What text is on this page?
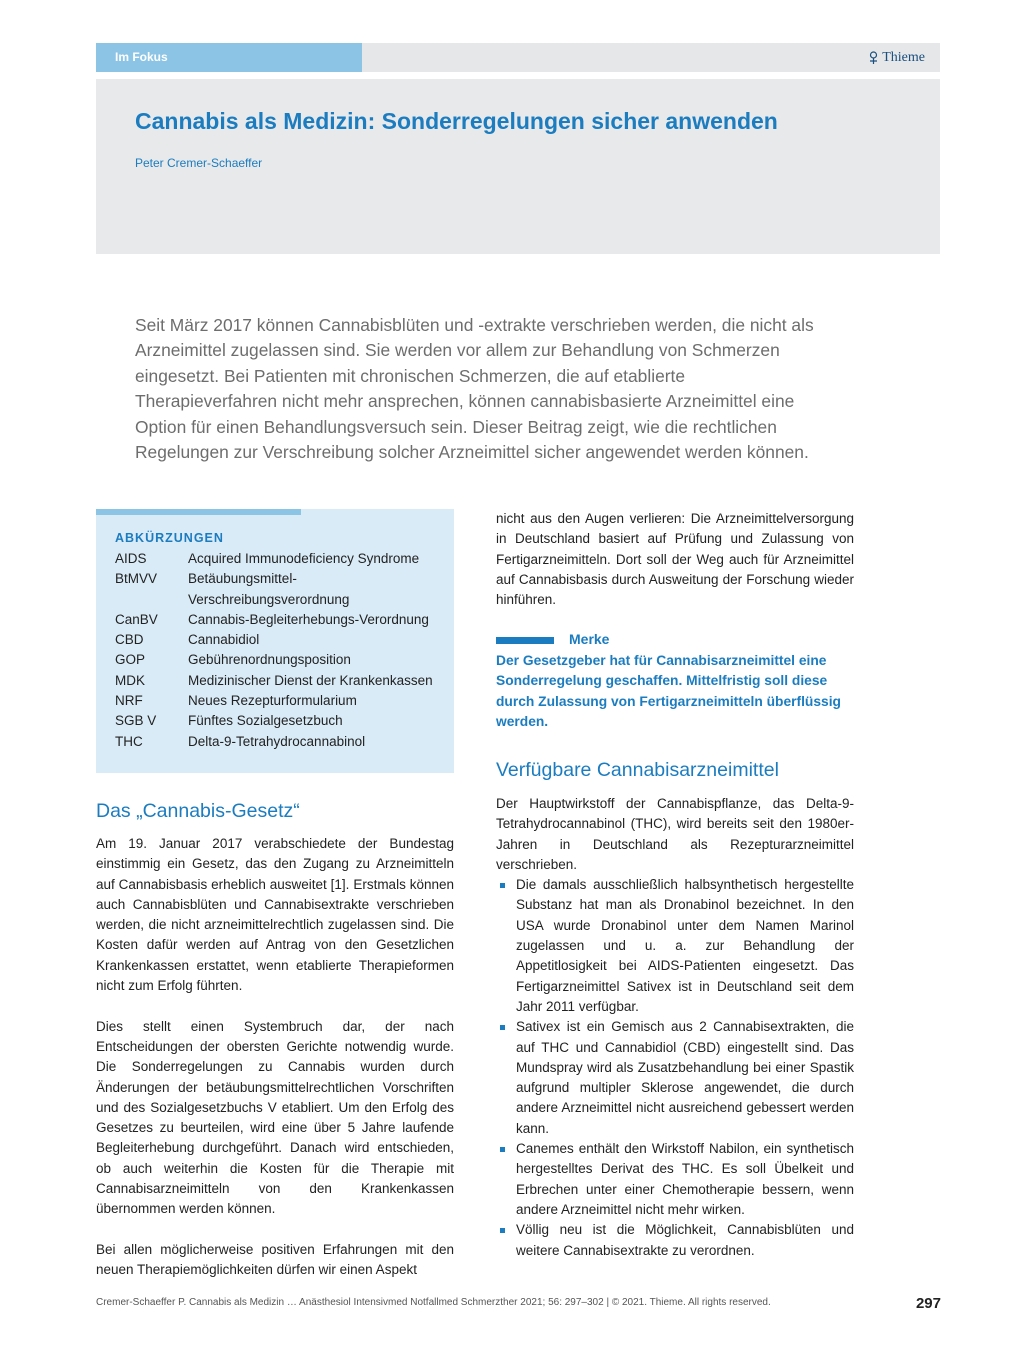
Im Fokus	Thieme
Cannabis als Medizin: Sonderregelungen sicher anwenden
Peter Cremer-Schaeffer

Seit März 2017 können Cannabisblüten und -extrakte verschrieben werden, die nicht als Arzneimittel zugelassen sind. Sie werden vor allem zur Behandlung von Schmerzen eingesetzt. Bei Patienten mit chronischen Schmerzen, die auf etablierte Therapieverfahren nicht mehr ansprechen, können cannabisbasierte Arzneimittel eine Option für einen Behandlungsversuch sein. Dieser Beitrag zeigt, wie die rechtlichen Regelungen zur Verschreibung solcher Arzneimittel sicher angewendet werden können.

ABKÜRZUNGEN
AIDS	Acquired Immunodeficiency Syndrome
BtMVV	Betäubungsmittel-Verschreibungsverordnung
CanBV	Cannabis-Begleiterhebungs-Verordnung
CBD	Cannabidiol
GOP	Gebührenordnungsposition
MDK	Medizinischer Dienst der Krankenkassen
NRF	Neues Rezepturformularium
SGB V	Fünftes Sozialgesetzbuch
THC	Delta-9-Tetrahydrocannabinol
Das „Cannabis-Gesetz“

Am 19. Januar 2017 verabschiedete der Bundestag einstimmig ein Gesetz, das den Zugang zu Arzneimitteln auf Cannabisbasis erheblich ausweitet [1]. Erstmals können auch Cannabisblüten und Cannabisextrakte verschrieben werden, die nicht arzneimittelrechtlich zugelassen sind. Die Kosten dafür werden auf Antrag von den Gesetzlichen Krankenkassen erstattet, wenn etablierte Therapieformen nicht zum Erfolg führten.

Dies stellt einen Systembruch dar, der nach Entscheidungen der obersten Gerichte notwendig wurde. Die Sonderregelungen zu Cannabis wurden durch Änderungen der betäubungsmittelrechtlichen Vorschriften und des Sozialgesetzbuchs V etabliert. Um den Erfolg des Gesetzes zu beurteilen, wird eine über 5 Jahre laufende Begleiterhebung durchgeführt. Danach wird entschieden, ob auch weiterhin die Kosten für die Therapie mit Cannabisarzneimitteln von den Krankenkassen übernommen werden können.

Bei allen möglicherweise positiven Erfahrungen mit den neuen Therapiemöglichkeiten dürfen wir einen Aspekt

nicht aus den Augen verlieren: Die Arzneimittelversorgung in Deutschland basiert auf Prüfung und Zulassung von Fertigarzneimitteln. Dort soll der Weg auch für Arzneimittel auf Cannabisbasis durch Ausweitung der Forschung wieder hinführen.

Merke

Der Gesetzgeber hat für Cannabisarzneimittel eine Sonderregelung geschaffen. Mittelfristig soll diese durch Zulassung von Fertigarzneimitteln überflüssig werden.

Verfügbare Cannabisarzneimittel

Der Hauptwirkstoff der Cannabispflanze, das Delta-9-Tetrahydrocannabinol (THC), wird bereits seit den 1980er-Jahren in Deutschland als Rezepturarzneimittel verschrieben.

Die damals ausschließlich halbsynthetisch hergestellte Substanz hat man als Dronabinol bezeichnet. In den USA wurde Dronabinol unter dem Namen Marinol zugelassen und u. a. zur Behandlung der Appetitlosigkeit bei AIDS-Patienten eingesetzt. Das Fertigarzneimittel Sativex ist in Deutschland seit dem Jahr 2011 verfügbar.
Sativex ist ein Gemisch aus 2 Cannabisextrakten, die auf THC und Cannabidiol (CBD) eingestellt sind. Das Mundspray wird als Zusatzbehandlung bei einer Spastik aufgrund multipler Sklerose angewendet, die durch andere Arzneimittel nicht ausreichend gebessert werden kann.
Canemes enthält den Wirkstoff Nabilon, ein synthetisch hergestelltes Derivat des THC. Es soll Übelkeit und Erbrechen unter einer Chemotherapie bessern, wenn andere Arzneimittel nicht mehr wirken.
Völlig neu ist die Möglichkeit, Cannabisblüten und weitere Cannabisextrakte zu verordnen.
Cremer-Schaeffer P. Cannabis als Medizin … Anästhesiol Intensivmed Notfallmed Schmerzther 2021; 56: 297–302 | © 2021. Thieme. All rights reserved.	297
